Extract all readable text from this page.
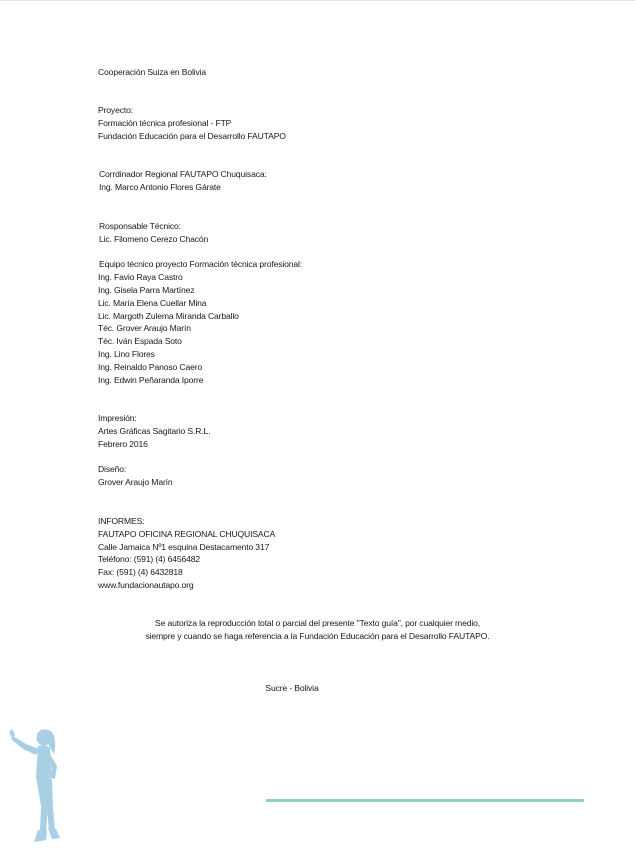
Cooperación Suiza en Bolivia
Proyecto:
Formación técnica profesional - FTP
Fundación Educación para el Desarrollo FAUTAPO
Corrdinador Regional FAUTAPO Chuquisaca:
Ing. Marco Antonio Flores Gárate
Rosponsable Técnico:
Lic. Filomeno Cerezo Chacón
Equipo técnico proyecto Formación técnica profesional:
Ing. Favio Raya Castro
Ing. Gisela Parra Martínez
Lic. María Elena Cuellar Mina
Lic. Margoth Zulema Miranda Carballo
Téc. Grover Araujo Marín
Téc. Iván Espada Soto
Ing. Lino Flores
Ing. Reinaldo Panoso Caero
Ing. Edwin Peñaranda Iporre
Impresión:
Artes Gráficas Sagitario S.R.L.
Febrero 2016
Diseño:
Grover Araujo Marín
INFORMES:
FAUTAPO OFICINA REGIONAL CHUQUISACA
Calle Jamaica Nº1 esquina Destacamento 317
Teléfono: (591) (4) 6456482
Fax: (591) (4) 6432818
www.fundacionautapo.org
Se autoriza la reproducción total o parcial del presente "Texto guía", por cualquier medio,
siempre y cuando se haga referencia a la Fundación Educación para el Desarrollo FAUTAPO.
Sucre - Bolivia
